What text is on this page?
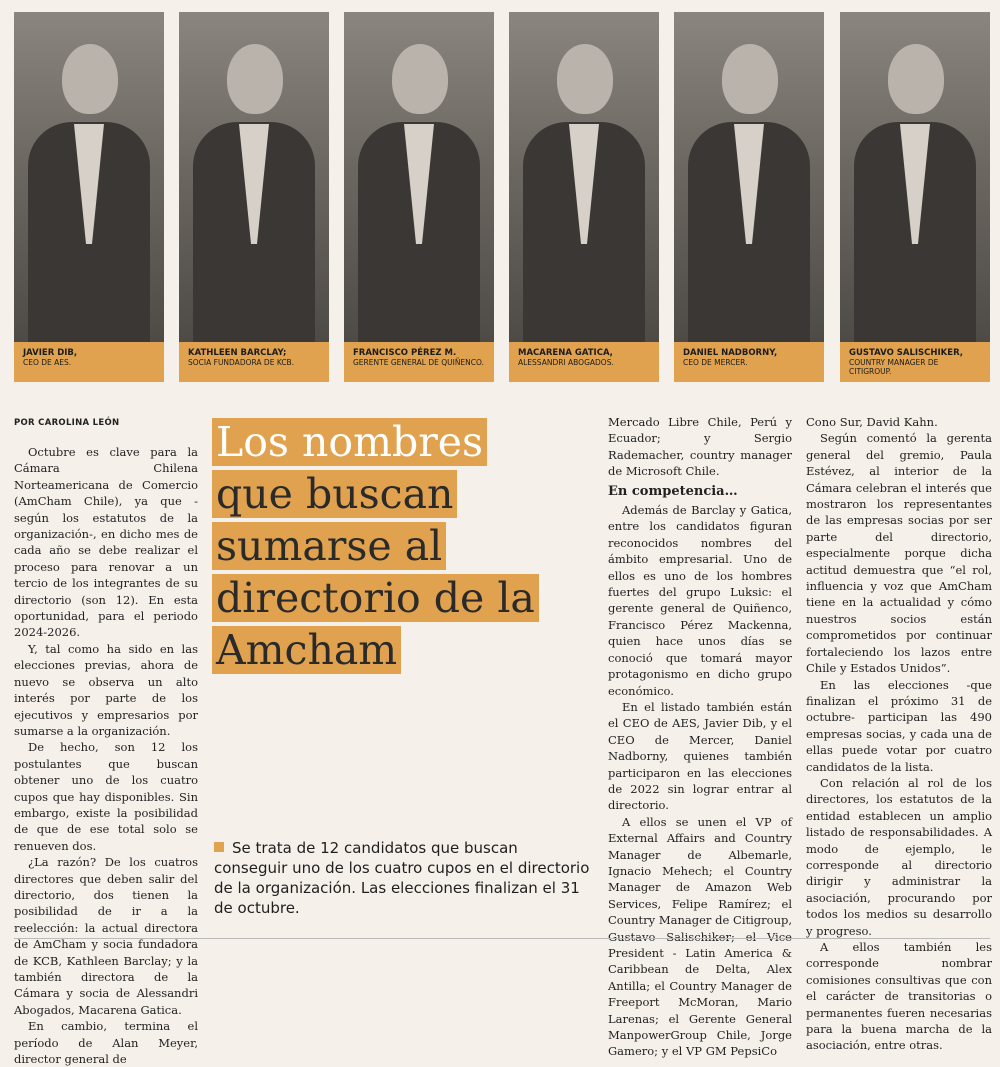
JAVIER DIB,
CEO DE AES.
KATHLEEN BARCLAY;
SOCIA FUNDADORA DE KCB.
FRANCISCO PÉREZ M.
GERENTE GENERAL DE QUIÑENCO.
MACARENA GATICA,
ALESSANDRI ABOGADOS.
DANIEL NADBORNY,
CEO DE MERCER.
GUSTAVO SALISCHIKER,
COUNTRY MANAGER DE CITIGROUP.
POR CAROLINA LEÓN

Octubre es clave para la Cámara Chilena Norteamericana de Comercio (AmCham Chile), ya que -según los estatutos de la organización-, en dicho mes de cada año se debe realizar el proceso para renovar a un tercio de los integrantes de su directorio (son 12). En esta oportunidad, para el periodo 2024-2026.

Y, tal como ha sido en las elecciones previas, ahora de nuevo se observa un alto interés por parte de los ejecutivos y empresarios por sumarse a la organización.

De hecho, son 12 los postulantes que buscan obtener uno de los cuatro cupos que hay disponibles. Sin embargo, existe la posibilidad de que de ese total solo se renueven dos.

¿La razón? De los cuatros directores que deben salir del directorio, dos tienen la posibilidad de ir a la reelección: la actual directora de AmCham y socia fundadora de KCB, Kathleen Barclay; y la también directora de la Cámara y socia de Alessandri Abogados, Macarena Gatica.

En cambio, termina el período de Alan Meyer, director general de

Los nombres
que buscan
sumarse al
directorio de la
Amcham
Se trata de 12 candidatos que buscan conseguir uno de los cuatro cupos en el directorio de la organización. Las elecciones finalizan el 31 de octubre.

Mercado Libre Chile, Perú y Ecuador; y Sergio Rademacher, country manager de Microsoft Chile.

En competencia…

Además de Barclay y Gatica, entre los candidatos figuran reconocidos nombres del ámbito empresarial. Uno de ellos es uno de los hombres fuertes del grupo Luksic: el gerente general de Quiñenco, Francisco Pérez Mackenna, quien hace unos días se conoció que tomará mayor protagonismo en dicho grupo económico.

En el listado también están el CEO de AES, Javier Dib, y el CEO de Mercer, Daniel Nadborny, quienes también participaron en las elecciones de 2022 sin lograr entrar al directorio.

A ellos se unen el VP of External Affairs and Country Manager de Albemarle, Ignacio Mehech; el Country Manager de Amazon Web Services, Felipe Ramírez; el Country Manager de Citigroup, Gustavo Salischiker; el Vice President - Latin America & Caribbean de Delta, Alex Antilla; el Country Manager de Freeport McMoran, Mario Larenas; el Gerente General ManpowerGroup Chile, Jorge Gamero; y el VP GM PepsiCo

Cono Sur, David Kahn.

Según comentó la gerenta general del gremio, Paula Estévez, al interior de la Cámara celebran el interés que mostraron los representantes de las empresas socias por ser parte del directorio, especialmente porque dicha actitud demuestra que “el rol, influencia y voz que AmCham tiene en la actualidad y cómo nuestros socios están comprometidos por continuar fortaleciendo los lazos entre Chile y Estados Unidos”.

En las elecciones -que finalizan el próximo 31 de octubre- participan las 490 empresas socias, y cada una de ellas puede votar por cuatro candidatos de la lista.

Con relación al rol de los directores, los estatutos de la entidad establecen un amplio listado de responsabilidades. A modo de ejemplo, le corresponde al directorio dirigir y administrar la asociación, procurando por todos los medios su desarrollo y progreso.

A ellos también les corresponde nombrar comisiones consultivas que con el carácter de transitorias o permanentes fueren necesarias para la buena marcha de la asociación, entre otras.
